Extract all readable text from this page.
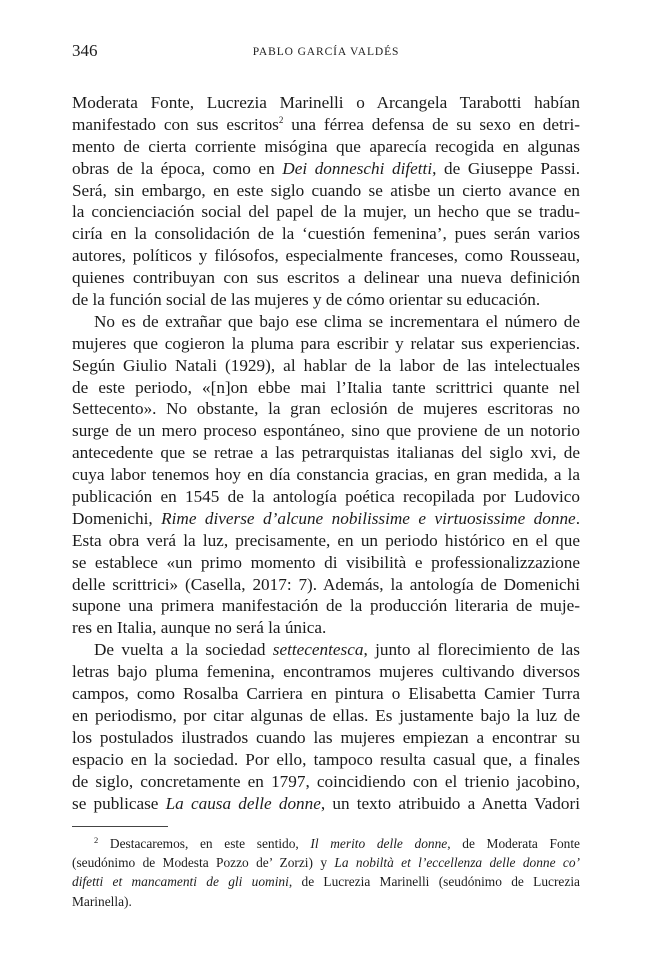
346	PABLO GARCÍA VALDÉS
Moderata Fonte, Lucrezia Marinelli o Arcangela Tarabotti habían
manifestado con sus escritos$^2$ una férrea defensa de su sexo en detri-
mento de cierta corriente misógina que aparecía recogida en algunas
obras de la época, como en Dei donneschi difetti, de Giuseppe Passi.
Será, sin embargo, en este siglo cuando se atisbe un cierto avance en
la concienciación social del papel de la mujer, un hecho que se tradu-
ciría en la consolidación de la ‘cuestión femenina’, pues serán varios
autores, políticos y filósofos, especialmente franceses, como Rousseau,
quienes contribuyan con sus escritos a delinear una nueva definición
de la función social de las mujeres y de cómo orientar su educación.
No es de extrañar que bajo ese clima se incrementara el número de
mujeres que cogieron la pluma para escribir y relatar sus experiencias.
Según Giulio Natali (1929), al hablar de la labor de las intelectuales
de este periodo, «[n]on ebbe mai l’Italia tante scrittrici quante nel
Settecento». No obstante, la gran eclosión de mujeres escritoras no
surge de un mero proceso espontáneo, sino que proviene de un notorio
antecedente que se retrae a las petrarquistas italianas del siglo xvi, de
cuya labor tenemos hoy en día constancia gracias, en gran medida, a la
publicación en 1545 de la antología poética recopilada por Ludovico
Domenichi, Rime diverse d’alcune nobilissime e virtuosissime donne.
Esta obra verá la luz, precisamente, en un periodo histórico en el que
se establece «un primo momento di visibilità e professionalizzazione
delle scrittrici» (Casella, 2017: 7). Además, la antología de Domenichi
supone una primera manifestación de la producción literaria de muje-
res en Italia, aunque no será la única.
De vuelta a la sociedad settecentesca, junto al florecimiento de las
letras bajo pluma femenina, encontramos mujeres cultivando diversos
campos, como Rosalba Carriera en pintura o Elisabetta Camier Turra
en periodismo, por citar algunas de ellas. Es justamente bajo la luz de
los postulados ilustrados cuando las mujeres empiezan a encontrar su
espacio en la sociedad. Por ello, tampoco resulta casual que, a finales
de siglo, concretamente en 1797, coincidiendo con el trienio jacobino,
se publicase La causa delle donne, un texto atribuido a Anetta Vadori
$^2$ Destacaremos, en este sentido, Il merito delle donne, de Moderata Fonte
(seudónimo de Modesta Pozzo de’ Zorzi) y La nobiltà et l’eccellenza delle donne co’
difetti et mancamenti de gli uomini, de Lucrezia Marinelli (seudónimo de Lucrezia
Marinella).
